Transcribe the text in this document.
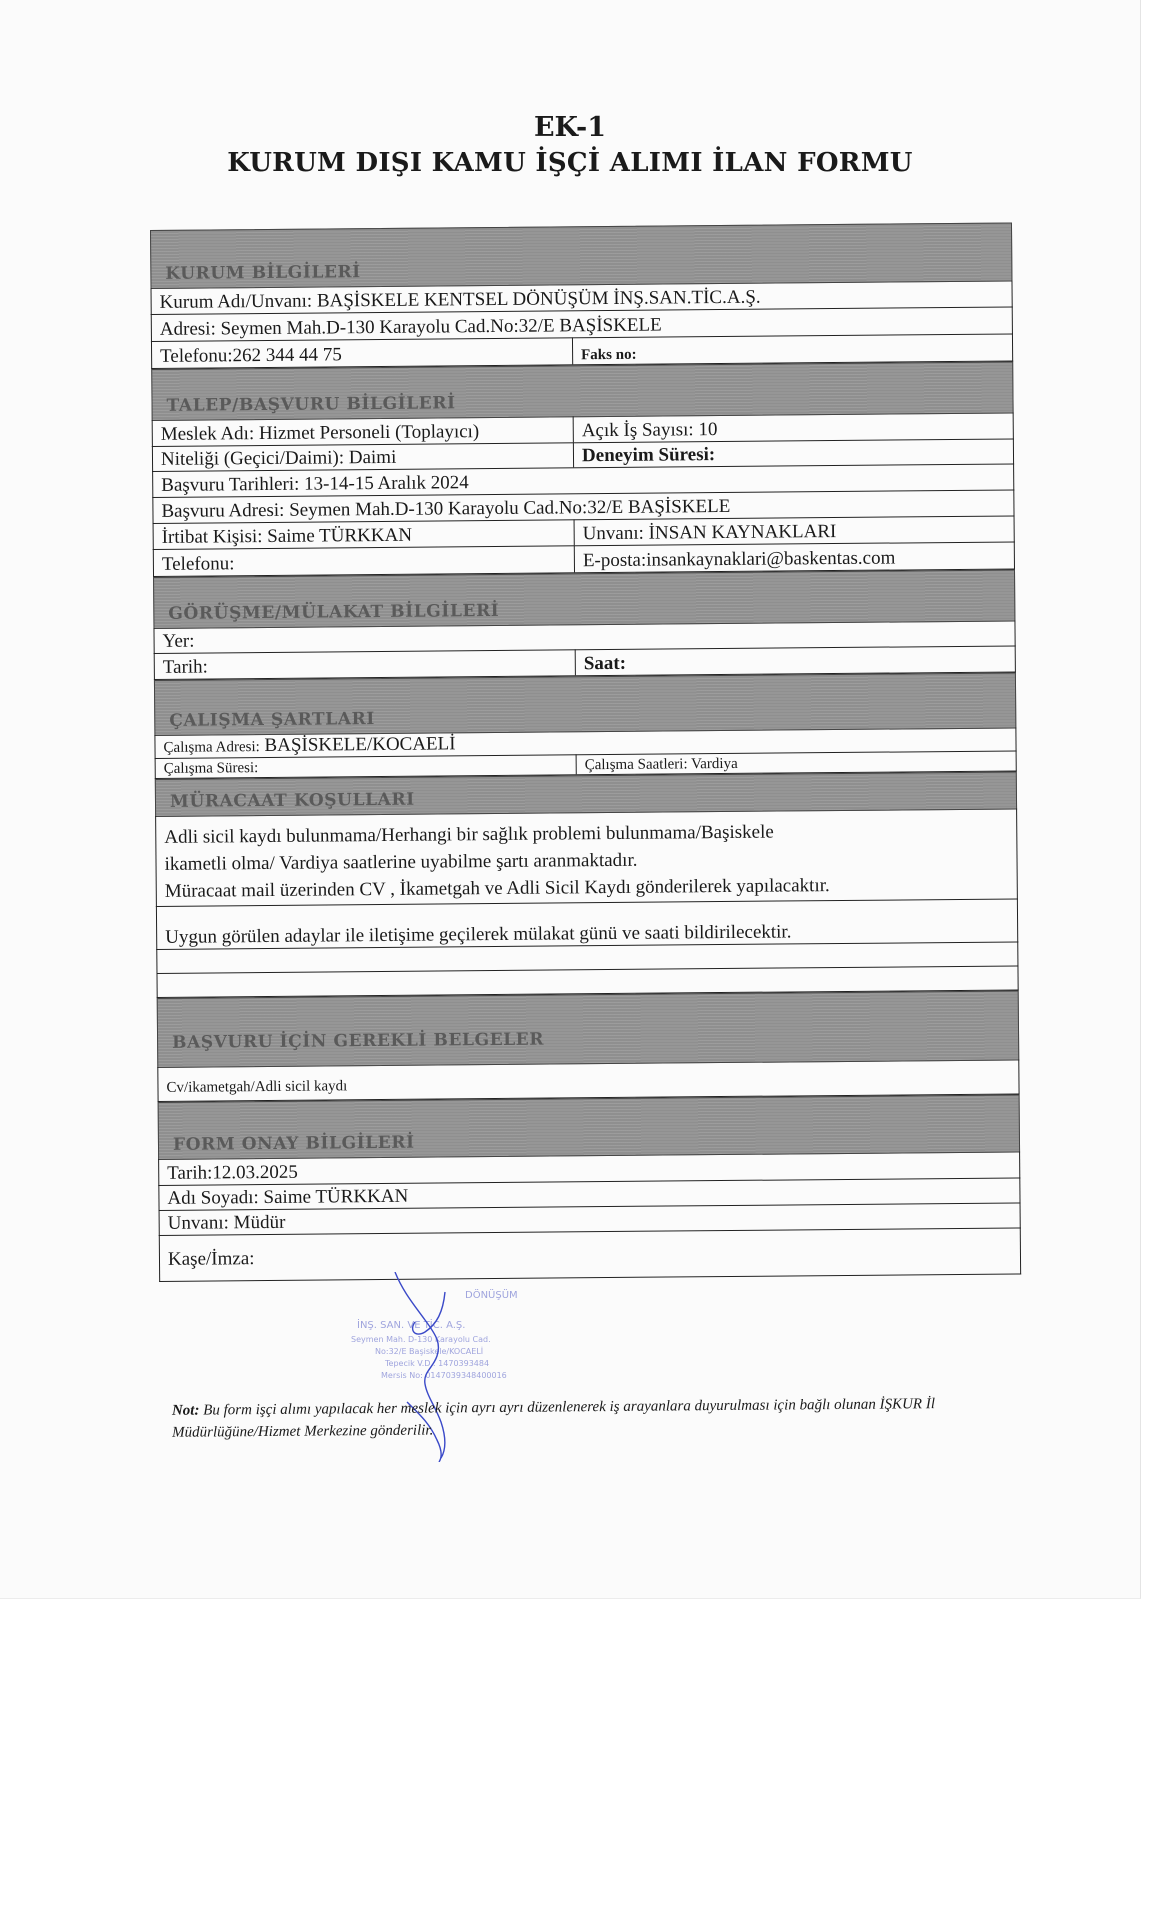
EK-1
KURUM DIŞI KAMU İŞÇİ ALIMI İLAN FORMU
KURUM BİLGİLERİ
Kurum Adı/Unvanı: BAŞİSKELE KENTSEL DÖNÜŞÜM İNŞ.SAN.TİC.A.Ş.
Adresi: Seymen Mah.D-130 Karayolu Cad.No:32/E BAŞİSKELE
Telefonu:262 344 44 75	Faks no:
TALEP/BAŞVURU BİLGİLERİ
Meslek Adı: Hizmet Personeli (Toplayıcı)	Açık İş Sayısı: 10
Niteliği (Geçici/Daimi): Daimi	Deneyim Süresi:
Başvuru Tarihleri: 13-14-15 Aralık 2024
Başvuru Adresi: Seymen Mah.D-130 Karayolu Cad.No:32/E BAŞİSKELE
İrtibat Kişisi: Saime TÜRKKAN	Unvanı: İNSAN KAYNAKLARI
Telefonu:	E-posta:insankaynaklari@baskentas.com
GÖRÜŞME/MÜLAKAT BİLGİLERİ
Yer:
Tarih:	Saat:
ÇALIŞMA ŞARTLARI
Çalışma Adresi: BAŞİSKELE/KOCAELİ
Çalışma Süresi:	Çalışma Saatleri: Vardiya
MÜRACAAT KOŞULLARI
Adli sicil kaydı bulunmama/Herhangi bir sağlık problemi bulunmama/Başiskele
ikametli olma/ Vardiya saatlerine uyabilme şartı aranmaktadır.
Müracaat mail üzerinden CV , İkametgah ve Adli Sicil Kaydı gönderilerek yapılacaktır.
Uygun görülen adaylar ile iletişime geçilerek mülakat günü ve saati bildirilecektir.
BAŞVURU İÇİN GEREKLİ BELGELER
Cv/ikametgah/Adli sicil kaydı
FORM ONAY BİLGİLERİ
Tarih:12.03.2025
Adı Soyadı: Saime TÜRKKAN
Unvanı: Müdür
Kaşe/İmza:
DÖNÜŞÜM
İNŞ. SAN. VE TİC. A.Ş.
Seymen Mah. D-130 Karayolu Cad.
No:32/E Başiskele/KOCAELİ
Tepecik V.D.: 1470393484
Mersis No: 0147039348400016
Not: Bu form işçi alımı yapılacak her meslek için ayrı ayrı düzenlenerek iş arayanlara duyurulması için bağlı olunan İŞKUR İl Müdürlüğüne/Hizmet Merkezine gönderilir.
